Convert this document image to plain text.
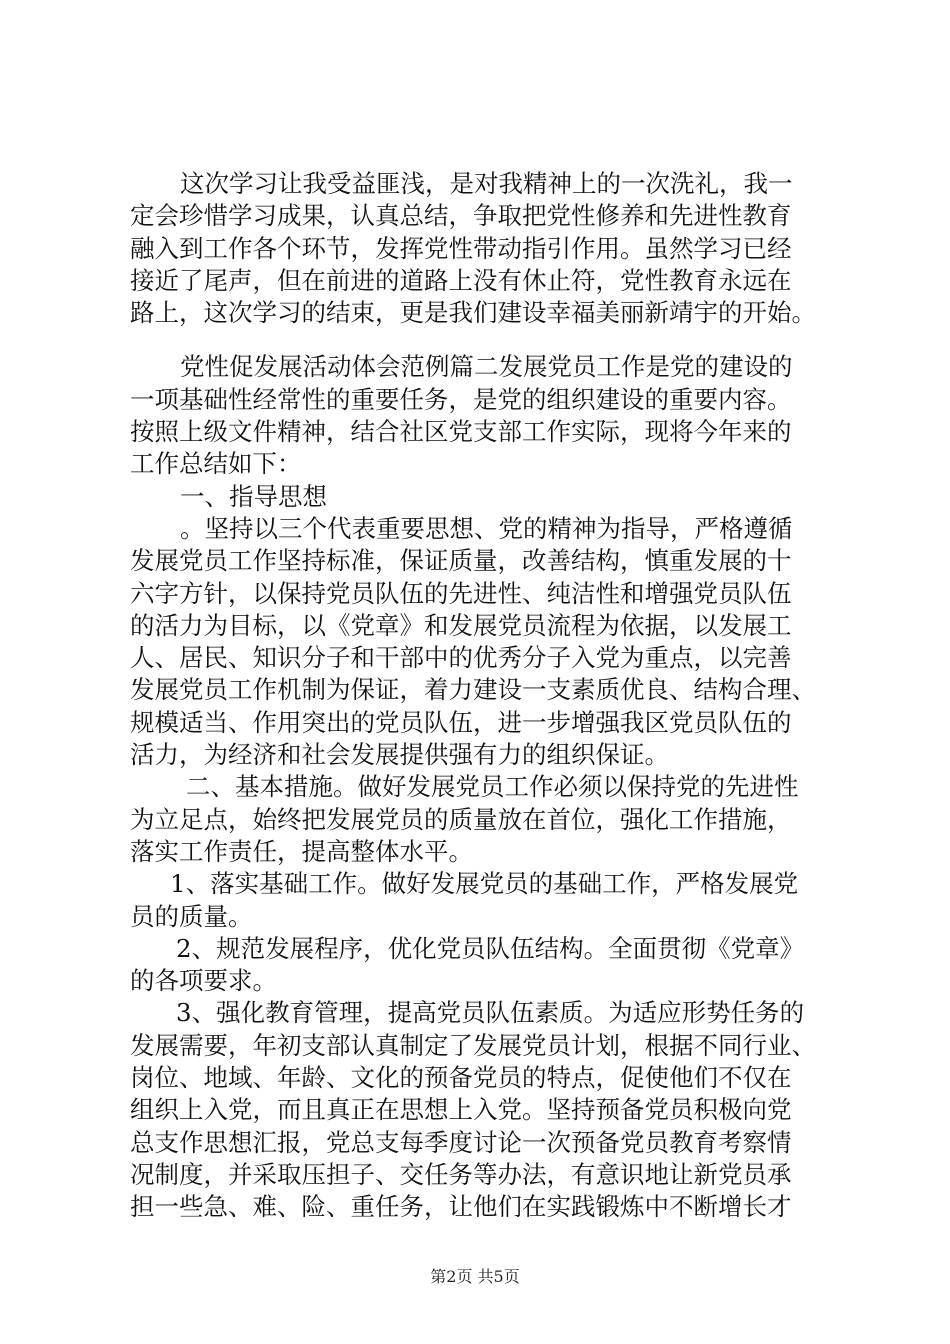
这次学习让我受益匪浅，是对我精神上的一次洗礼，我一
定会珍惜学习成果，认真总结，争取把党性修养和先进性教育
融入到工作各个环节，发挥党性带动指引作用。虽然学习已经
接近了尾声，但在前进的道路上没有休止符，党性教育永远在
路上，这次学习的结束，更是我们建设幸福美丽新靖宇的开始。
党性促发展活动体会范例篇二发展党员工作是党的建设的
一项基础性经常性的重要任务，是党的组织建设的重要内容。
按照上级文件精神，结合社区党支部工作实际，现将今年来的
工作总结如下：
一、指导思想
。坚持以三个代表重要思想、党的精神为指导，严格遵循
发展党员工作坚持标准，保证质量，改善结构，慎重发展的十
六字方针，以保持党员队伍的先进性、纯洁性和增强党员队伍
的活力为目标，以《党章》和发展党员流程为依据，以发展工
人、居民、知识分子和干部中的优秀分子入党为重点，以完善
发展党员工作机制为保证，着力建设一支素质优良、结构合理、
规模适当、作用突出的党员队伍，进一步增强我区党员队伍的
活力，为经济和社会发展提供强有力的组织保证。
二、基本措施。做好发展党员工作必须以保持党的先进性
为立足点，始终把发展党员的质量放在首位，强化工作措施，
落实工作责任，提高整体水平。
1、落实基础工作。做好发展党员的基础工作，严格发展党
员的质量。
2、规范发展程序，优化党员队伍结构。全面贯彻《党章》
的各项要求。
3、强化教育管理，提高党员队伍素质。为适应形势任务的
发展需要，年初支部认真制定了发展党员计划，根据不同行业、
岗位、地域、年龄、文化的预备党员的特点，促使他们不仅在
组织上入党，而且真正在思想上入党。坚持预备党员积极向党
总支作思想汇报，党总支每季度讨论一次预备党员教育考察情
况制度，并采取压担子、交任务等办法，有意识地让新党员承
担一些急、难、险、重任务，让他们在实践锻炼中不断增长才
第2页 共5页
